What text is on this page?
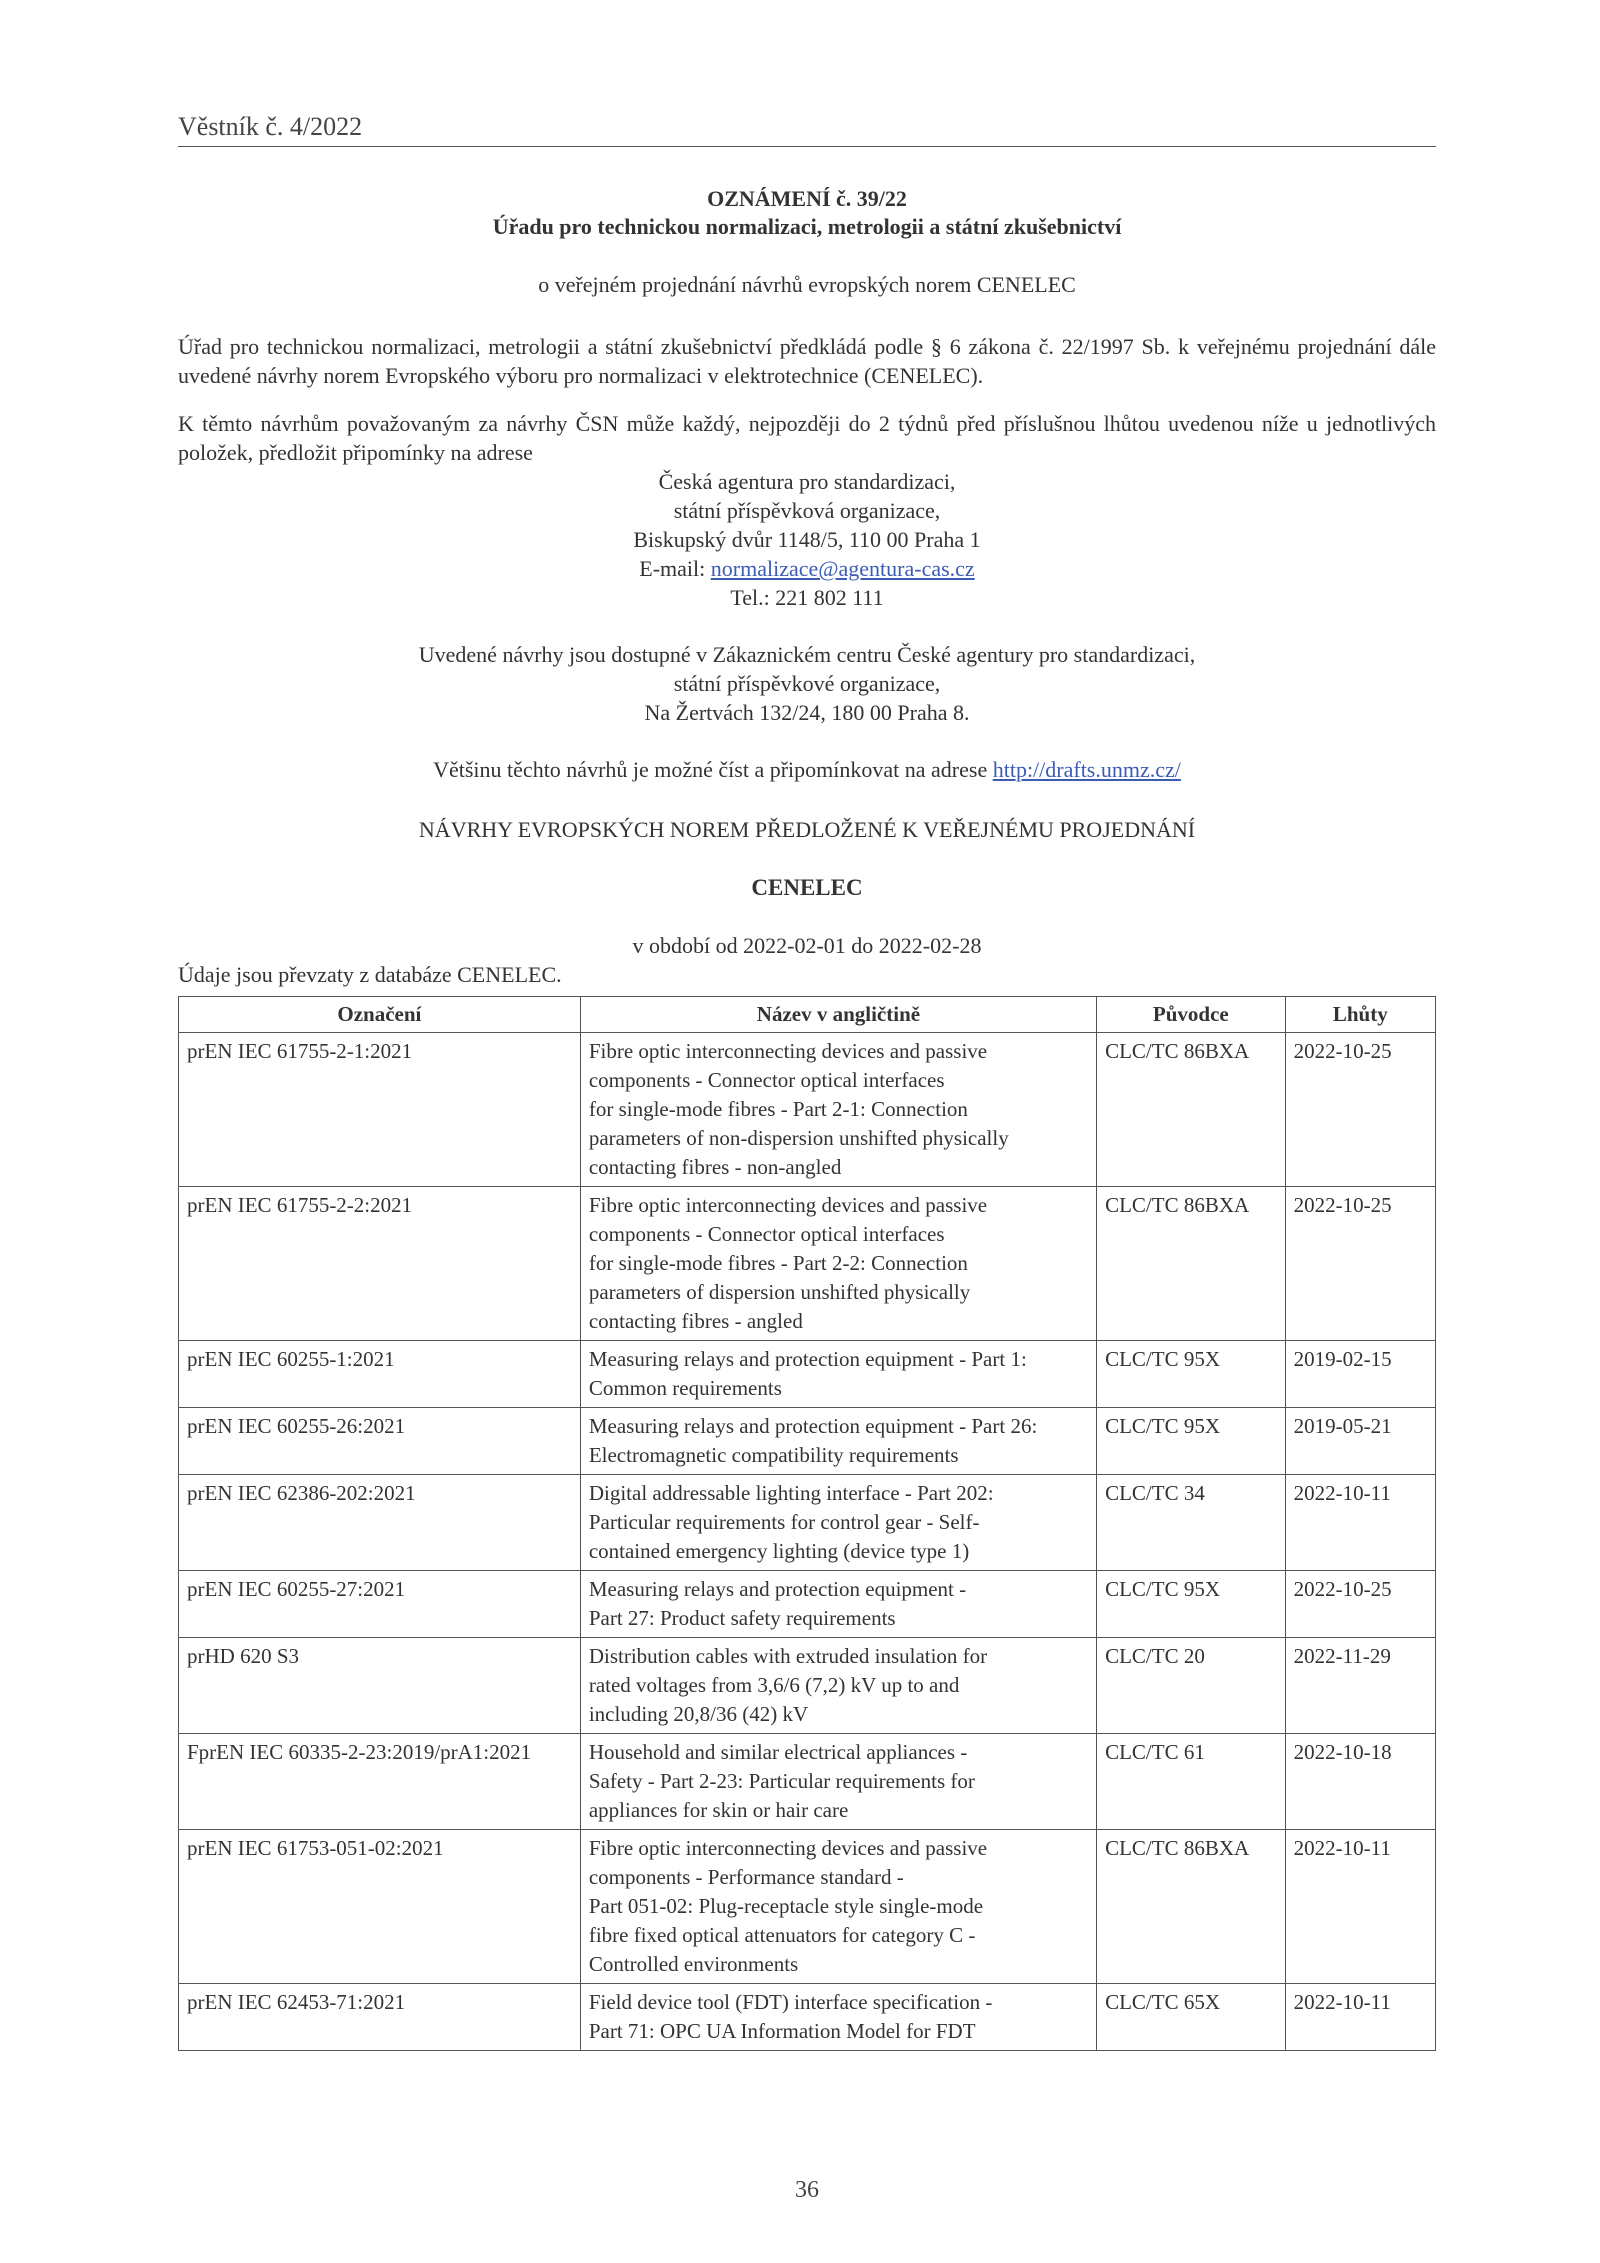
Věstník č. 4/2022
OZNÁMENÍ č. 39/22
Úřadu pro technickou normalizaci, metrologii a státní zkušebnictví
o veřejném projednání návrhů evropských norem CENELEC
Úřad pro technickou normalizaci, metrologii a státní zkušebnictví předkládá podle § 6 zákona č. 22/1997 Sb. k veřejnému projednání dále uvedené návrhy norem Evropského výboru pro normalizaci v elektrotechnice (CENELEC).
K těmto návrhům považovaným za návrhy ČSN může každý, nejpozději do 2 týdnů před příslušnou lhůtou uvedenou níže u jednotlivých položek, předložit připomínky na adrese
Česká agentura pro standardizaci,
státní příspěvková organizace,
Biskupský dvůr 1148/5, 110 00 Praha 1
E-mail: normalizace@agentura-cas.cz
Tel.: 221 802 111
Uvedené návrhy jsou dostupné v Zákaznickém centru České agentury pro standardizaci,
státní příspěvkové organizace,
Na Žertvách 132/24, 180 00 Praha 8.
Většinu těchto návrhů je možné číst a připomínkovat na adrese http://drafts.unmz.cz/
NÁVRHY EVROPSKÝCH NOREM PŘEDLOŽENÉ K VEŘEJNÉMU PROJEDNÁNÍ
CENELEC
v období od 2022-02-01 do 2022-02-28
Údaje jsou převzaty z databáze CENELEC.
Označení	Název v angličtině	Původce	Lhůty
prEN IEC 61755-2-1:2021	Fibre optic interconnecting devices and passive
components - Connector optical interfaces
for single-mode fibres - Part 2-1: Connection
parameters of non-dispersion unshifted physically
contacting fibres - non-angled	CLC/TC 86BXA	2022-10-25
prEN IEC 61755-2-2:2021	Fibre optic interconnecting devices and passive
components - Connector optical interfaces
for single-mode fibres - Part 2-2: Connection
parameters of dispersion unshifted physically
contacting fibres - angled	CLC/TC 86BXA	2022-10-25
prEN IEC 60255-1:2021	Measuring relays and protection equipment - Part 1:
Common requirements	CLC/TC 95X	2019-02-15
prEN IEC 60255-26:2021	Measuring relays and protection equipment - Part 26:
Electromagnetic compatibility requirements	CLC/TC 95X	2019-05-21
prEN IEC 62386-202:2021	Digital addressable lighting interface - Part 202:
Particular requirements for control gear - Self-
contained emergency lighting (device type 1)	CLC/TC 34	2022-10-11
prEN IEC 60255-27:2021	Measuring relays and protection equipment -
Part 27: Product safety requirements	CLC/TC 95X	2022-10-25
prHD 620 S3	Distribution cables with extruded insulation for
rated voltages from 3,6/6 (7,2) kV up to and
including 20,8/36 (42) kV	CLC/TC 20	2022-11-29
FprEN IEC 60335-2-23:2019/prA1:2021	Household and similar electrical appliances -
Safety - Part 2-23: Particular requirements for
appliances for skin or hair care	CLC/TC 61	2022-10-18
prEN IEC 61753-051-02:2021	Fibre optic interconnecting devices and passive
components - Performance standard -
Part 051-02: Plug-receptacle style single-mode
fibre fixed optical attenuators for category C -
Controlled environments	CLC/TC 86BXA	2022-10-11
prEN IEC 62453-71:2021	Field device tool (FDT) interface specification -
Part 71: OPC UA Information Model for FDT	CLC/TC 65X	2022-10-11
36
